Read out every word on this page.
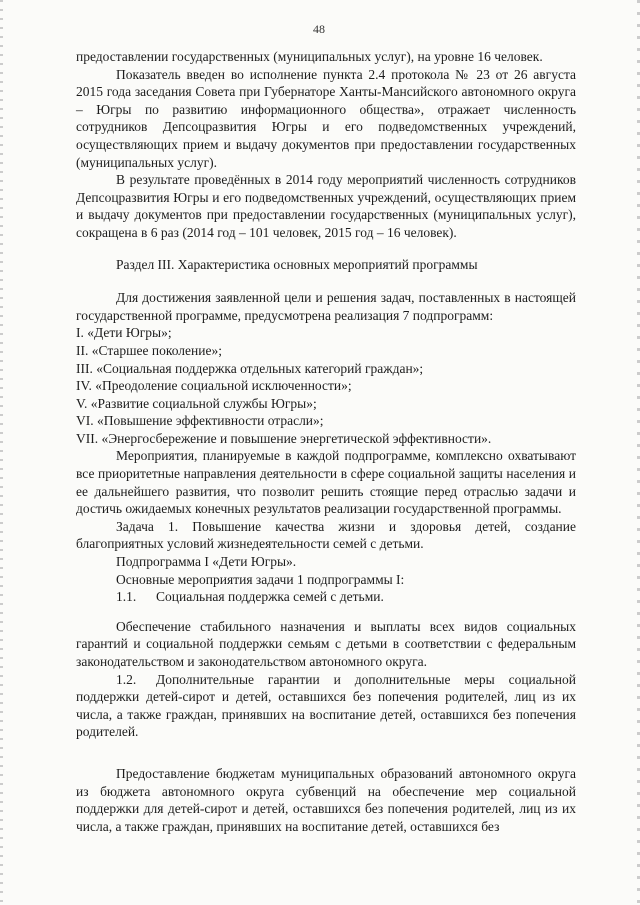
48

предоставлении государственных (муниципальных услуг), на уровне 16 человек.

Показатель введен во исполнение пункта 2.4 протокола № 23 от 26 августа 2015 года заседания Совета при Губернаторе Ханты-Мансийского автономного округа – Югры по развитию информационного общества», отражает численность сотрудников Депсоцразвития Югры и его подведомственных учреждений, осуществляющих прием и выдачу документов при предоставлении государственных (муниципальных услуг).

В результате проведённых в 2014 году мероприятий численность сотрудников Депсоцразвития Югры и его подведомственных учреждений, осуществляющих прием и выдачу документов при предоставлении государственных (муниципальных услуг), сокращена в 6 раз (2014 год – 101 человек, 2015 год – 16 человек).

Раздел III. Характеристика основных мероприятий программы

Для достижения заявленной цели и решения задач, поставленных в настоящей государственной программе, предусмотрена реализация 7 подпрограмм:

I. «Дети Югры»;
II. «Старшее поколение»;
III. «Социальная поддержка отдельных категорий граждан»;
IV. «Преодоление социальной исключенности»;
V. «Развитие социальной службы Югры»;
VI. «Повышение эффективности отрасли»;
VII. «Энергосбережение и повышение энергетической эффективности».

Мероприятия, планируемые в каждой подпрограмме, комплексно охватывают все приоритетные направления деятельности в сфере социальной защиты населения и ее дальнейшего развития, что позволит решить стоящие перед отраслью задачи и достичь ожидаемых конечных результатов реализации государственной программы.

Задача 1. Повышение качества жизни и здоровья детей, создание благоприятных условий жизнедеятельности семей с детьми.

Подпрограмма I «Дети Югры».

Основные мероприятия задачи 1 подпрограммы I:

1.1. Социальная поддержка семей с детьми.

Обеспечение стабильного назначения и выплаты всех видов социальных гарантий и социальной поддержки семьям с детьми в соответствии с федеральным законодательством и законодательством автономного округа.

1.2. Дополнительные гарантии и дополнительные меры социальной поддержки детей-сирот и детей, оставшихся без попечения родителей, лиц из их числа, а также граждан, принявших на воспитание детей, оставшихся без попечения родителей.

Предоставление бюджетам муниципальных образований автономного округа из бюджета автономного округа субвенций на обеспечение мер социальной поддержки для детей-сирот и детей, оставшихся без попечения родителей, лиц из их числа, а также граждан, принявших на воспитание детей, оставшихся без
